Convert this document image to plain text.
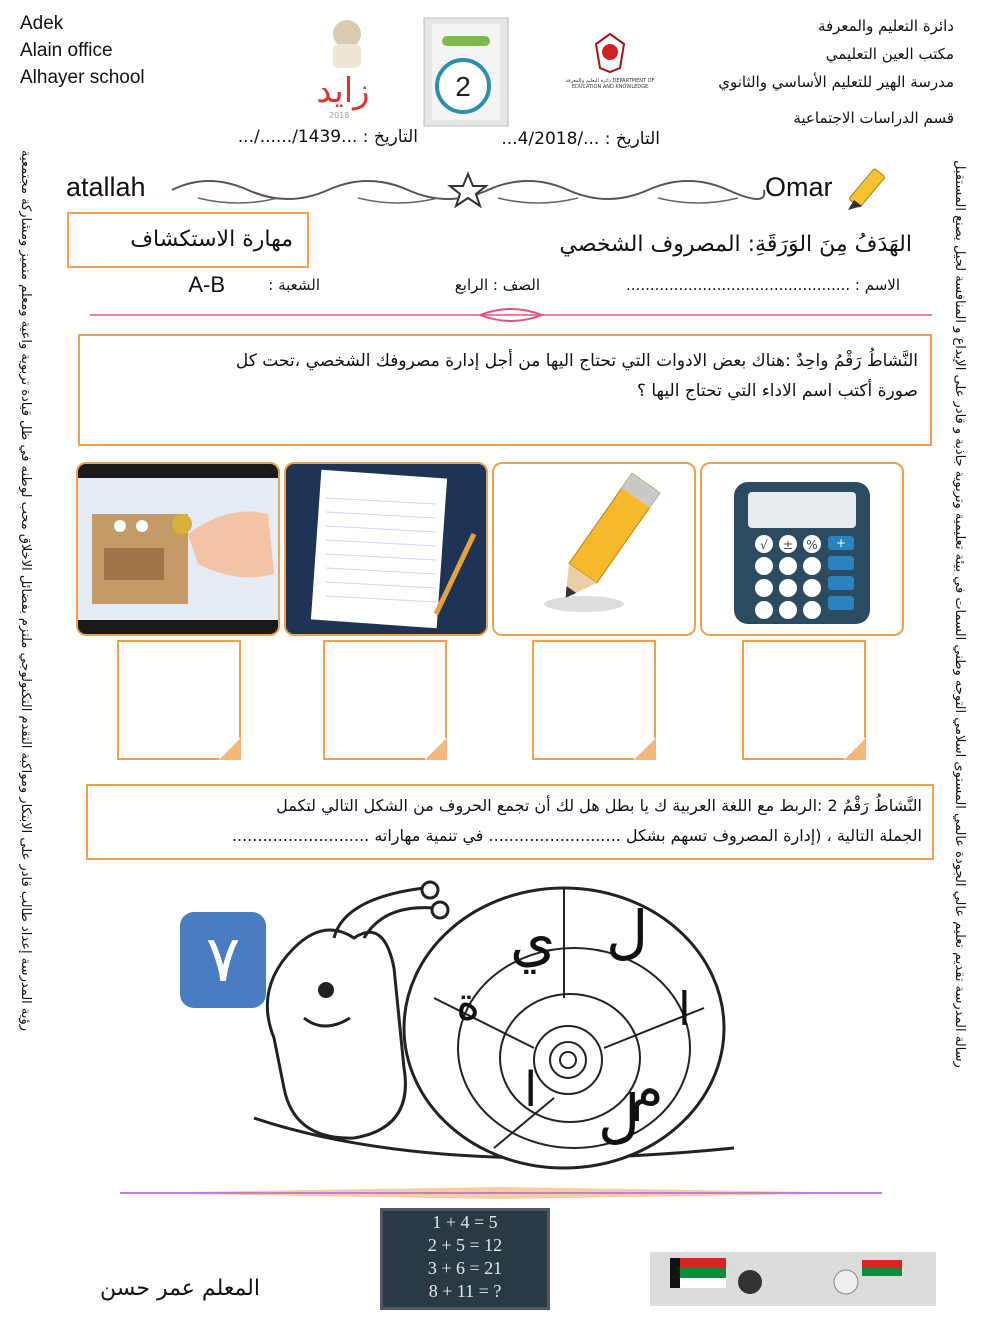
Adek
Alain office
Alhayer school	زايد
2018
2	دائرة التعليم والمعرفة DEPARTMENT OF EDUCATION AND KNOWLEDGE
دائرة التعليم والمعرفة
مكتب العين التعليمي
مدرسة الهير للتعليم الأساسي والثانوي
قسم الدراسات الاجتماعية
التاريخ : .../4/2018...
التاريخ : ...1439/....../...
atallah	Omar
مهارة الاستكشاف	الهَدَفُ مِنَ الوَرَقَةِ: المصروف الشخصي
الاسم : ...............................................
الصف : الرابع
الشعبة :
A-B
النَّشاطُ رَقْمُ واحِدٌ :هناك بعض الادوات التي تحتاج اليها من أجل إدارة مصروفك الشخصي ،تحت كل
صورة أكتب اسم الاداء التي تحتاج اليها ؟
√ ± % +
النَّشاطُ رَقْمُ 2 :الربط مع اللغة العربية ك يا بطل هل لك أن تجمع الحروف من الشكل التالي لتكمل
الجملة التالية ، (إدارة المصروف تسهم بشكل .......................... في تنمية مهاراته ...........................
٧	ل
ي
ة	ا
م
ل
ا
1 + 4 = 5
2 + 5 = 12
3 + 6 = 21
8 + 11 = ?
المعلم عمر حسن
رؤية المدرسة إعداد طالب قادر على الابتكار ومواكبة التقدم التكنولوجي ملتزم بفضائل الاخلاق محب لوطنه في ظل قيادة تربوية واعية ومعلم متميز ومشاركة مجتمعية	رسالة المدرسة تقديم تعليم عالي الجودة عالمي المستوى اسلامي التوجه وطني السمات في بيئة تعليمية وتربوية جاذبة و قادر على الإبداع و المنافسة لجيل يصنع المستقبل
